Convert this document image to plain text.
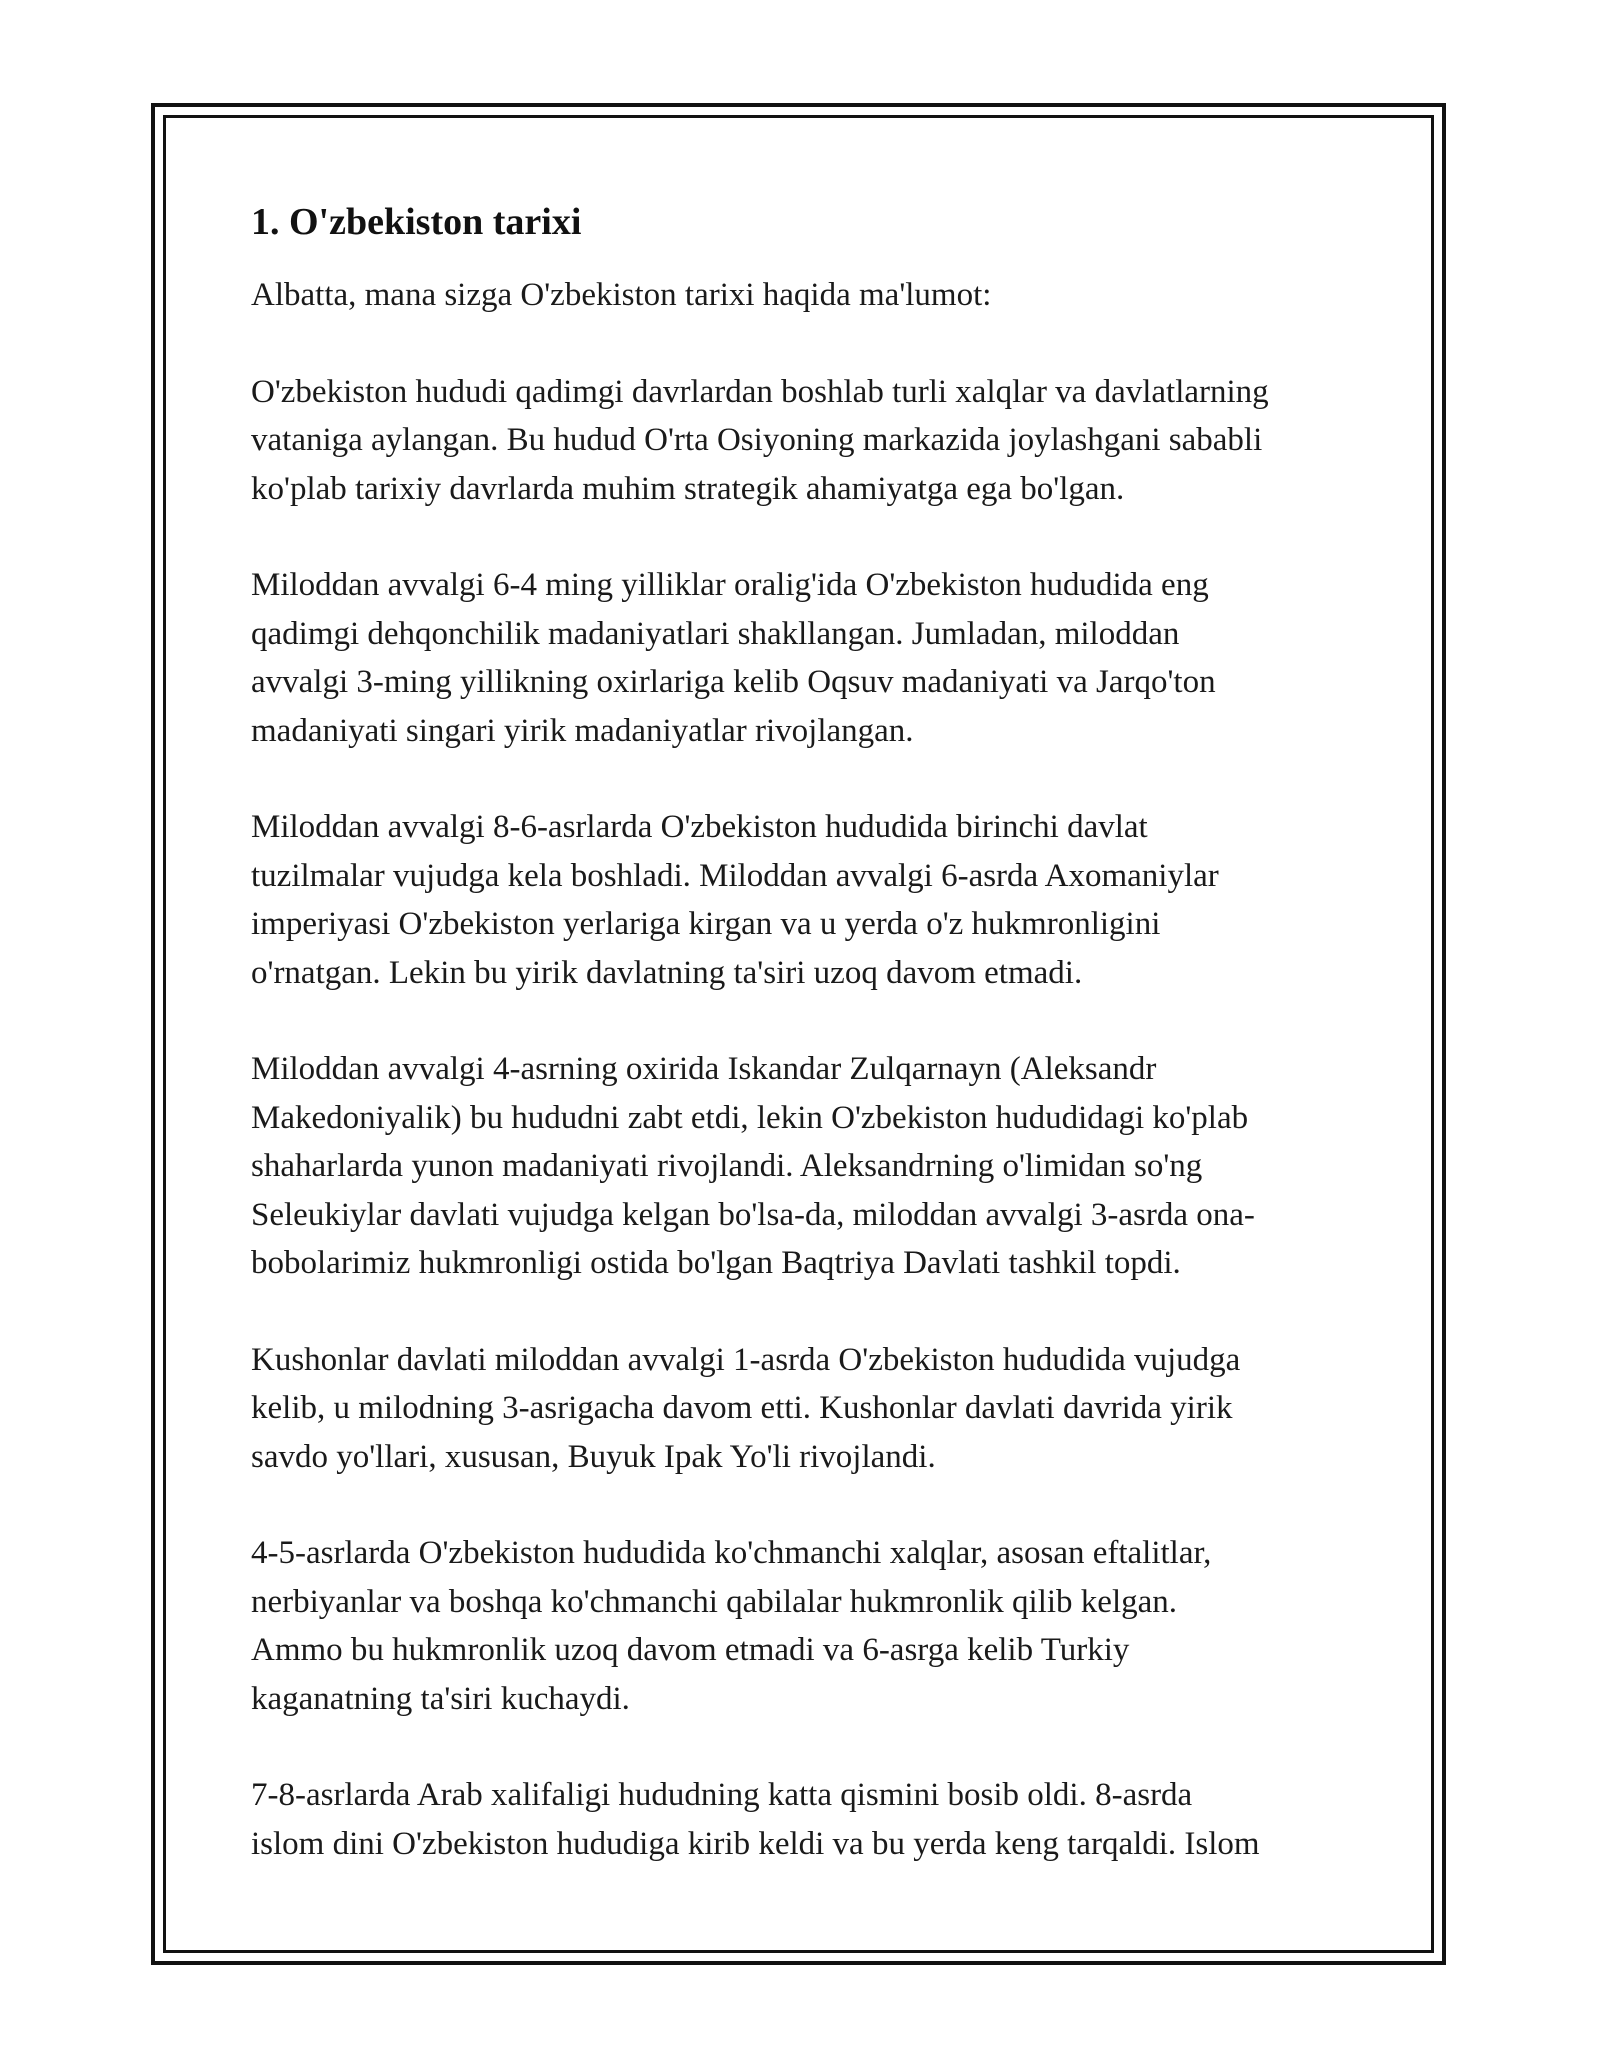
1. O'zbekiston tarixi

Albatta, mana sizga O'zbekiston tarixi haqida ma'lumot:

O'zbekiston hududi qadimgi davrlardan boshlab turli xalqlar va davlatlarning
vataniga aylangan. Bu hudud O'rta Osiyoning markazida joylashgani sababli
ko'plab tarixiy davrlarda muhim strategik ahamiyatga ega bo'lgan.

Miloddan avvalgi 6-4 ming yilliklar oralig'ida O'zbekiston hududida eng
qadimgi dehqonchilik madaniyatlari shakllangan. Jumladan, miloddan
avvalgi 3-ming yillikning oxirlariga kelib Oqsuv madaniyati va Jarqo'ton
madaniyati singari yirik madaniyatlar rivojlangan.

Miloddan avvalgi 8-6-asrlarda O'zbekiston hududida birinchi davlat
tuzilmalar vujudga kela boshladi. Miloddan avvalgi 6-asrda Axomaniylar
imperiyasi O'zbekiston yerlariga kirgan va u yerda o'z hukmronligini
o'rnatgan. Lekin bu yirik davlatning ta'siri uzoq davom etmadi.

Miloddan avvalgi 4-asrning oxirida Iskandar Zulqarnayn (Aleksandr
Makedoniyalik) bu hududni zabt etdi, lekin O'zbekiston hududidagi ko'plab
shaharlarda yunon madaniyati rivojlandi. Aleksandrning o'limidan so'ng
Seleukiylar davlati vujudga kelgan bo'lsa-da, miloddan avvalgi 3-asrda ona-
bobolarimiz hukmronligi ostida bo'lgan Baqtriya Davlati tashkil topdi.

Kushonlar davlati miloddan avvalgi 1-asrda O'zbekiston hududida vujudga
kelib, u milodning 3-asrigacha davom etti. Kushonlar davlati davrida yirik
savdo yo'llari, xususan, Buyuk Ipak Yo'li rivojlandi.

4-5-asrlarda O'zbekiston hududida ko'chmanchi xalqlar, asosan eftalitlar,
nerbiyanlar va boshqa ko'chmanchi qabilalar hukmronlik qilib kelgan.
Ammo bu hukmronlik uzoq davom etmadi va 6-asrga kelib Turkiy
kaganatning ta'siri kuchaydi.

7-8-asrlarda Arab xalifaligi hududning katta qismini bosib oldi. 8-asrda
islom dini O'zbekiston hududiga kirib keldi va bu yerda keng tarqaldi. Islom
